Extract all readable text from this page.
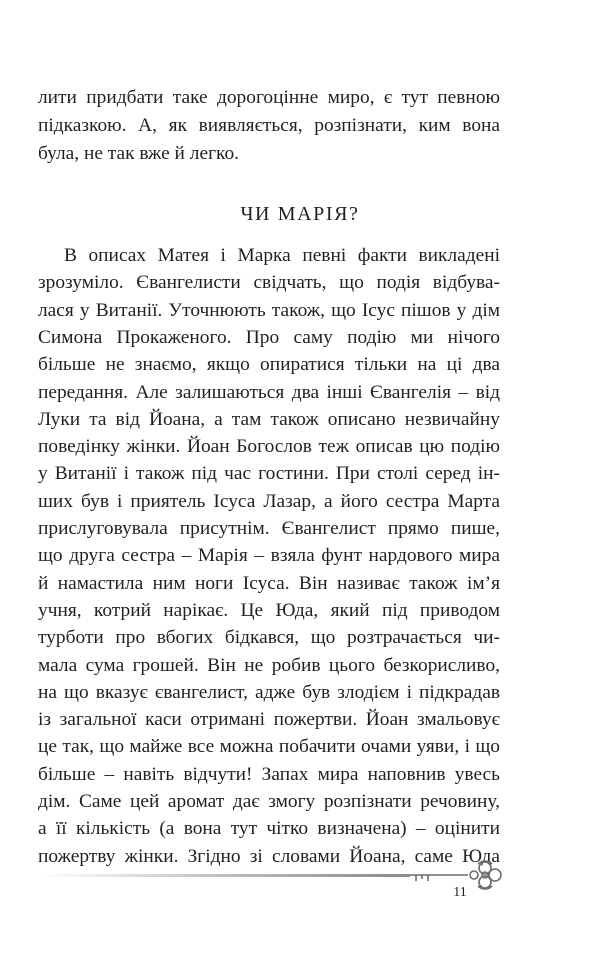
лити придбати таке дорогоцінне миро, є тут певною
підказкою. А, як виявляється, розпізнати, ким вона
була, не так вже й легко.
ЧИ МАРІЯ?
В описах Матея і Марка певні факти викладені
зрозуміло. Євангелисти свідчать, що подія відбува-
лася у Витанії. Уточнюють також, що Ісус пішов у дім
Симона Прокаженого. Про саму подію ми нічого
більше не знаємо, якщо опиратися тільки на ці два
передання. Але залишаються два інші Євангелія – від
Луки та від Йоана, а там також описано незвичайну
поведінку жінки. Йоан Богослов теж описав цю подію
у Витанії і також під час гостини. При столі серед ін-
ших був і приятель Ісуса Лазар, а його сестра Марта
прислуговувала присутнім. Євангелист прямо пише,
що друга сестра – Марія – взяла фунт нардового мира
й намастила ним ноги Ісуса. Він називає також ім’я
учня, котрий нарікає. Це Юда, який під приводом
турботи про вбогих бідкався, що розтрачається чи-
мала сума грошей. Він не робив цього безкорисливо,
на що вказує євангелист, адже був злодієм і підкрадав
із загальної каси отримані пожертви. Йоан змальовує
це так, що майже все можна побачити очами уяви, і що
більше – навіть відчути! Запах мира наповнив увесь
дім. Саме цей аромат дає змогу розпізнати речовину,
а її кількість (а вона тут чітко визначена) – оцінити
пожертву жінки. Згідно зі словами Йоана, саме Юда
11
